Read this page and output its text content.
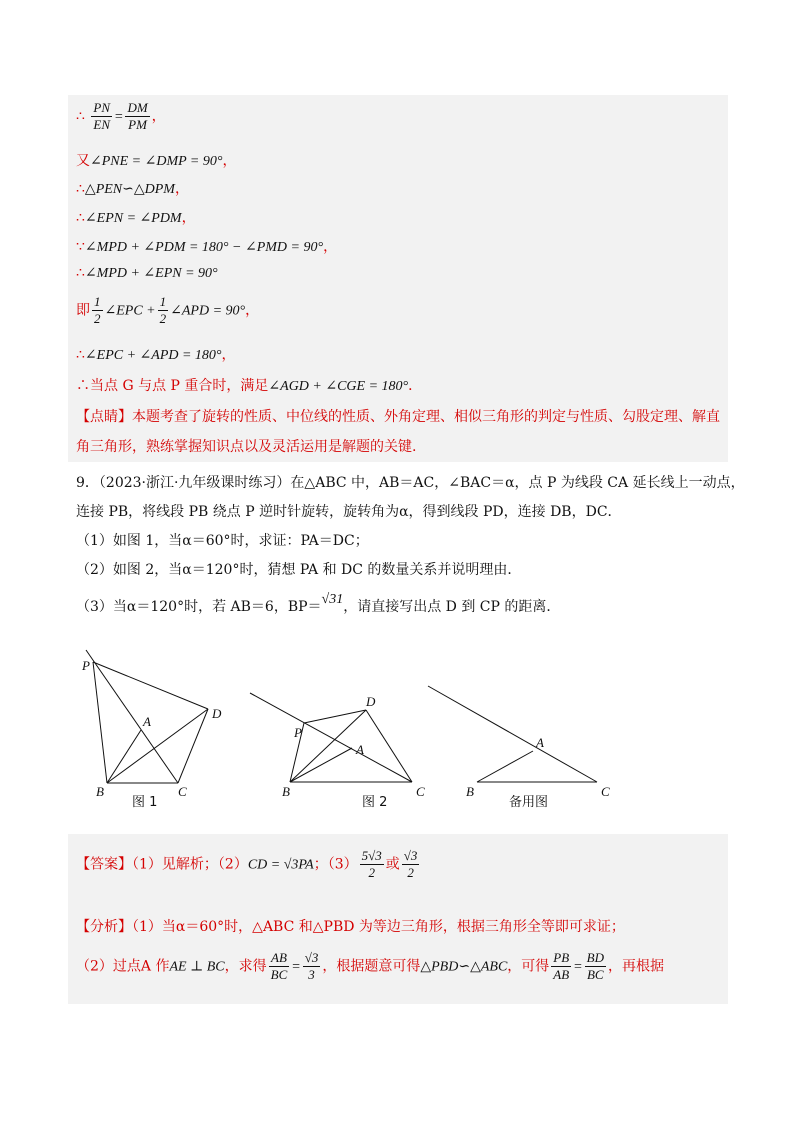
∴ $\frac{PN}{EN} = \frac{DM}{PM}$ ，
又∠PNE = ∠DMP = 90°，
∴△PEN∽△DPM，
∴∠EPN = ∠PDM，
∵∠MPD + ∠PDM = 180° − ∠PMD = 90°，
∴∠MPD + ∠EPN = 90°
即 $\frac{1}{2}$ ∠EPC + $\frac{1}{2}$ ∠APD = 90°，
∴∠EPC + ∠APD = 180°，
∴当点 G 与点 P 重合时，满足∠AGD + ∠CGE = 180°．
【点睛】本题考查了旋转的性质、中位线的性质、外角定理、相似三角形的判定与性质、勾股定理、解直
角三角形，熟练掌握知识点以及灵活运用是解题的关键.
9．（2023·浙江·九年级课时练习）在△ABC 中，AB＝AC，∠BAC＝α，点 P 为线段 CA 延长线上一动点，
连接 PB，将线段 PB 绕点 P 逆时针旋转，旋转角为α，得到线段 PD，连接 DB，DC．
（1）如图 1，当α＝60°时，求证：PA＝DC；
（2）如图 2，当α＝120°时，猜想 PA 和 DC 的数量关系并说明理由．
（3）当α＝120°时，若 AB＝6，BP＝√31，请直接写出点 D 到 CP 的距离．
P
A
B	C
D
图 1
P
A
B	C
D
图 2
A
B	C
备用图
【答案】（1）见解析；（2）CD = √3PA；$(3) \frac{5√3}{2}$ 或 $\frac{√3}{2}$
【分析】（1）当α＝60°时，△ABC 和△PBD 为等边三角形，根据三角形全等即可求证；
（2）过点A 作AE ⊥ BC，求得 $\frac{AB}{BC} = \frac{√3}{3}$ ，根据题意可得△PBD∽△ABC，可得 $\frac{PB}{AB} = \frac{BD}{BC}$ ，再根据
